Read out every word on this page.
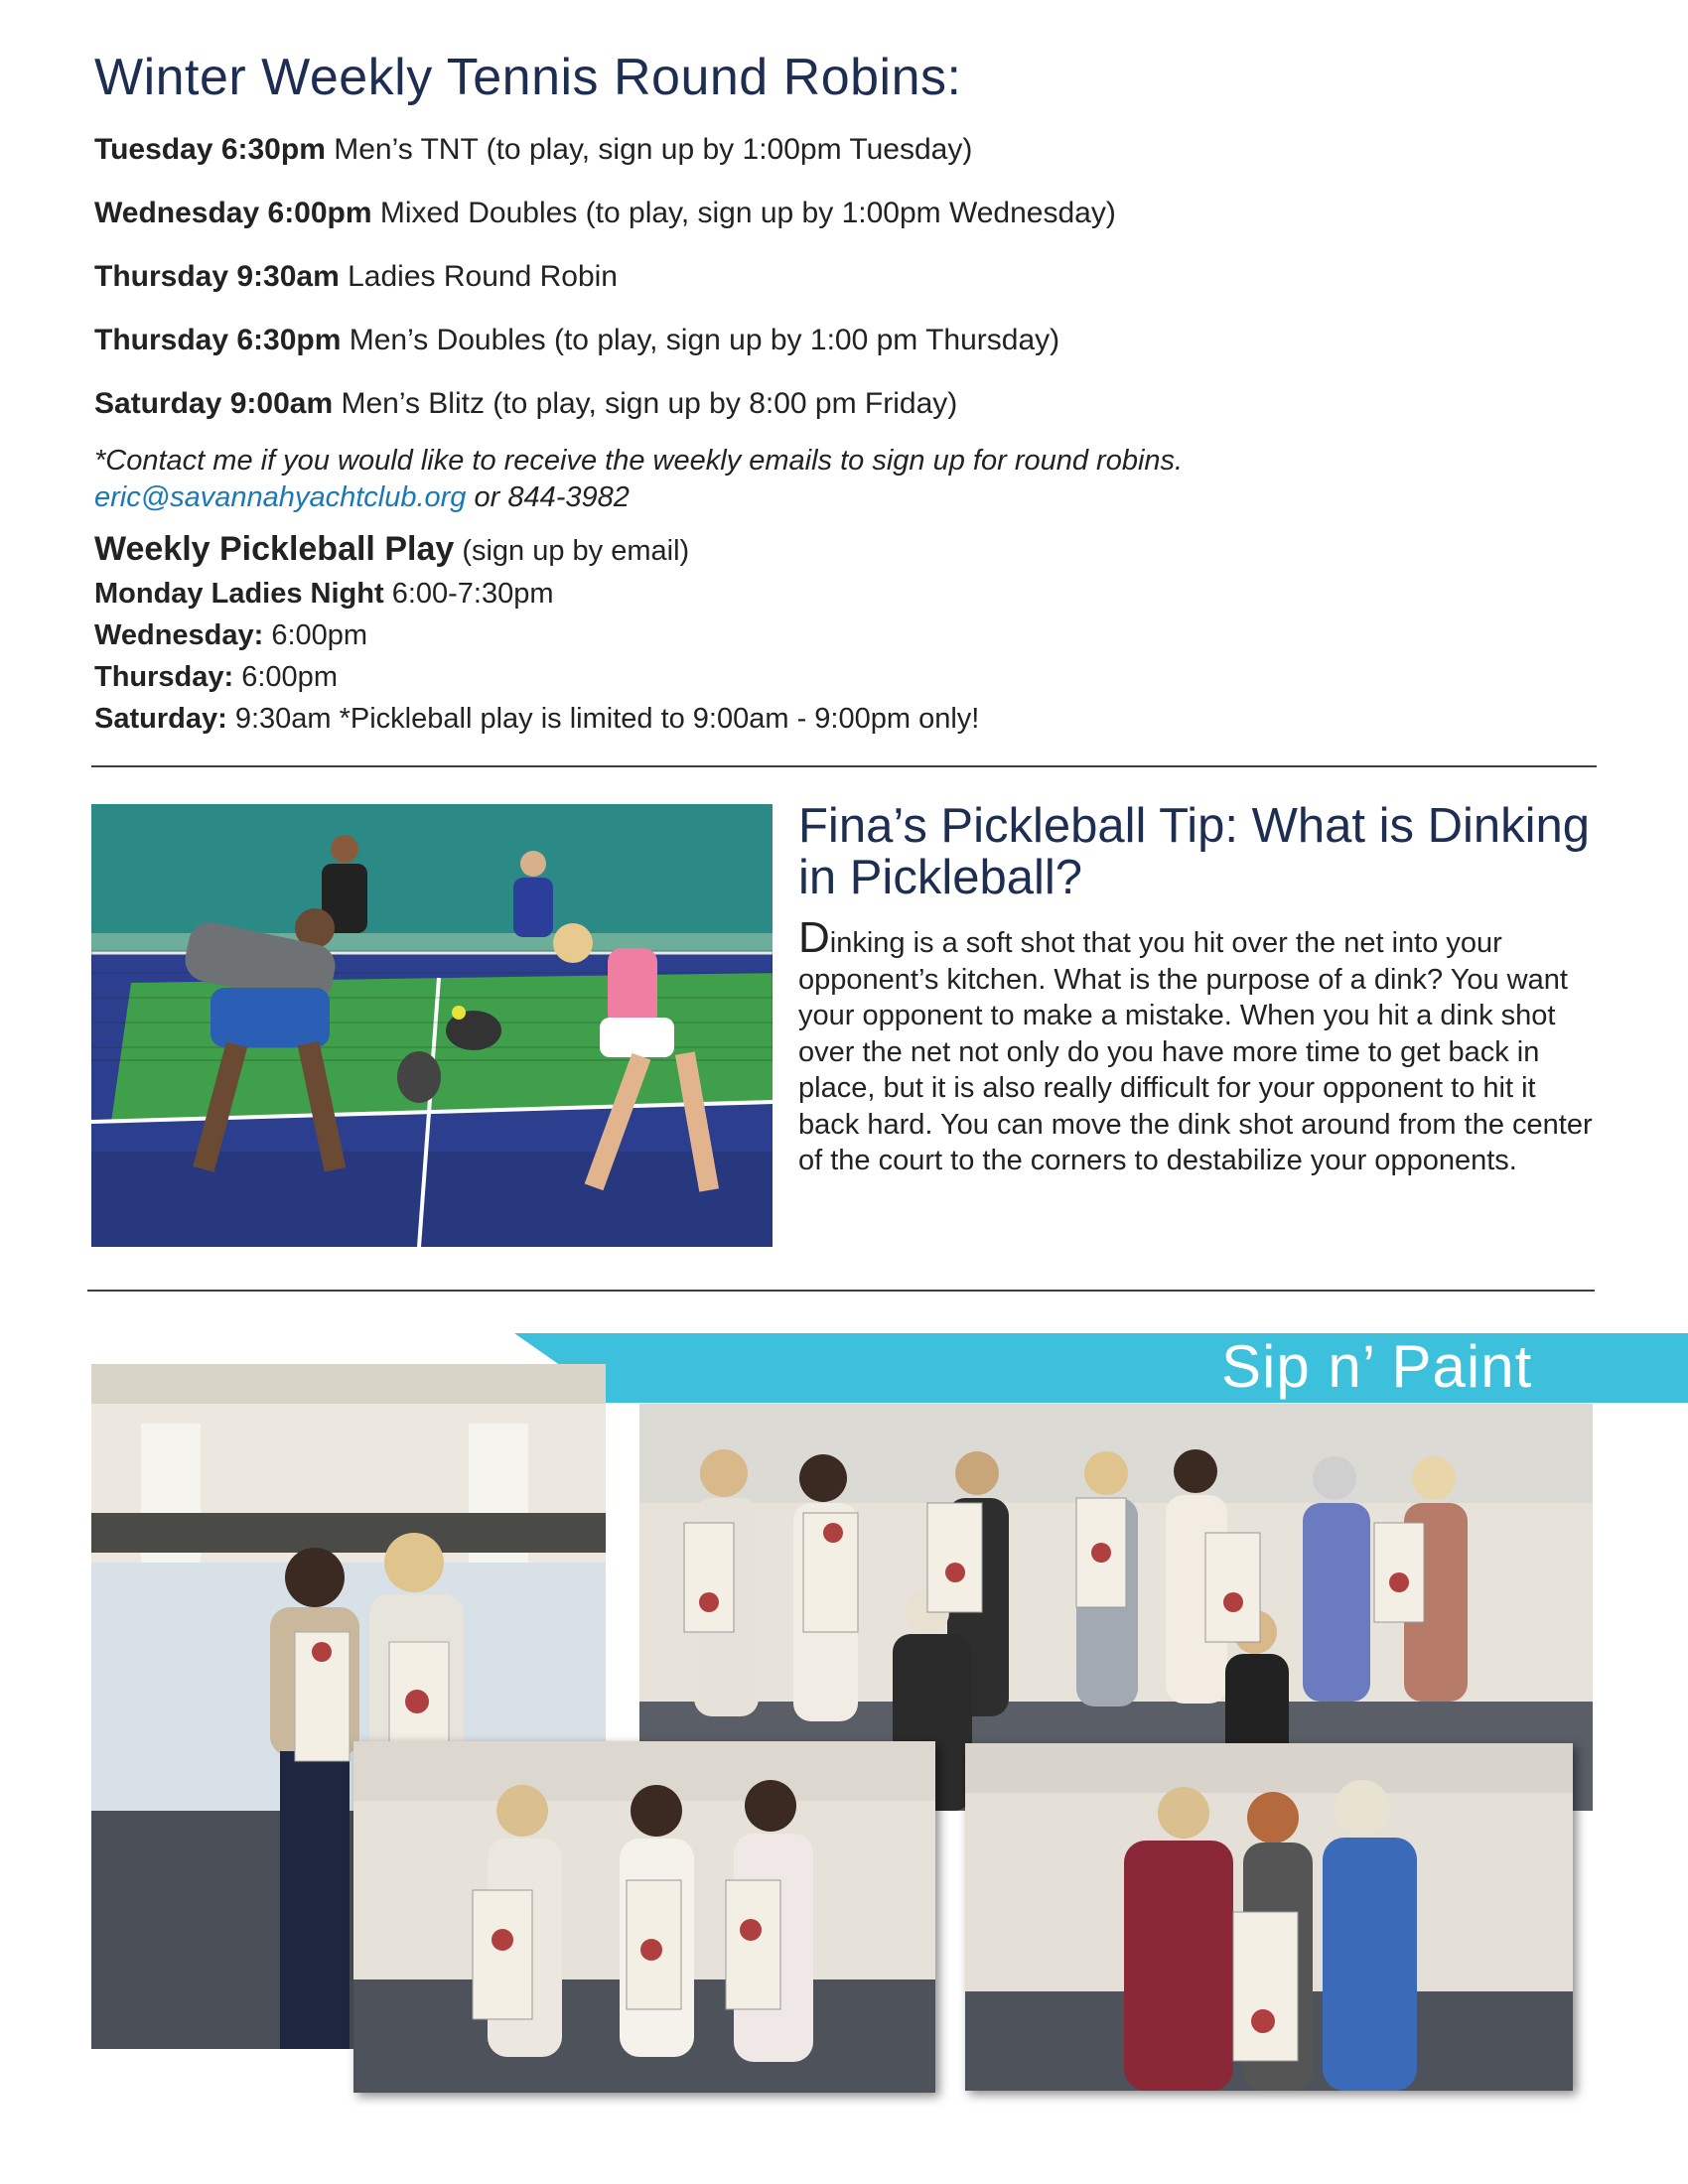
Winter Weekly Tennis Round Robins:
Tuesday 6:30pm Men’s TNT (to play, sign up by 1:00pm Tuesday)
Wednesday 6:00pm Mixed Doubles (to play, sign up by 1:00pm Wednesday)
Thursday 9:30am Ladies Round Robin
Thursday 6:30pm Men’s Doubles (to play, sign up by 1:00 pm Thursday)
Saturday 9:00am Men’s Blitz (to play, sign up by 8:00 pm Friday)
*Contact me if you would like to receive the weekly emails to sign up for round robins.
eric@savannahyachtclub.org or 844-3982
Weekly Pickleball Play (sign up by email)
Monday Ladies Night 6:00-7:30pm
Wednesday: 6:00pm
Thursday: 6:00pm
Saturday: 9:30am *Pickleball play is limited to 9:00am - 9:00pm only!
Fina’s Pickleball Tip: What is Dinking in Pickleball?
Dinking is a soft shot that you hit over the net into your opponent’s kitchen. What is the purpose of a dink? You want your opponent to make a mistake. When you hit a dink shot over the net not only do you have more time to get back in place, but it is also really difficult for your opponent to hit it back hard. You can move the dink shot around from the center of the court to the corners to destabilize your opponents.
Sip n’ Paint
